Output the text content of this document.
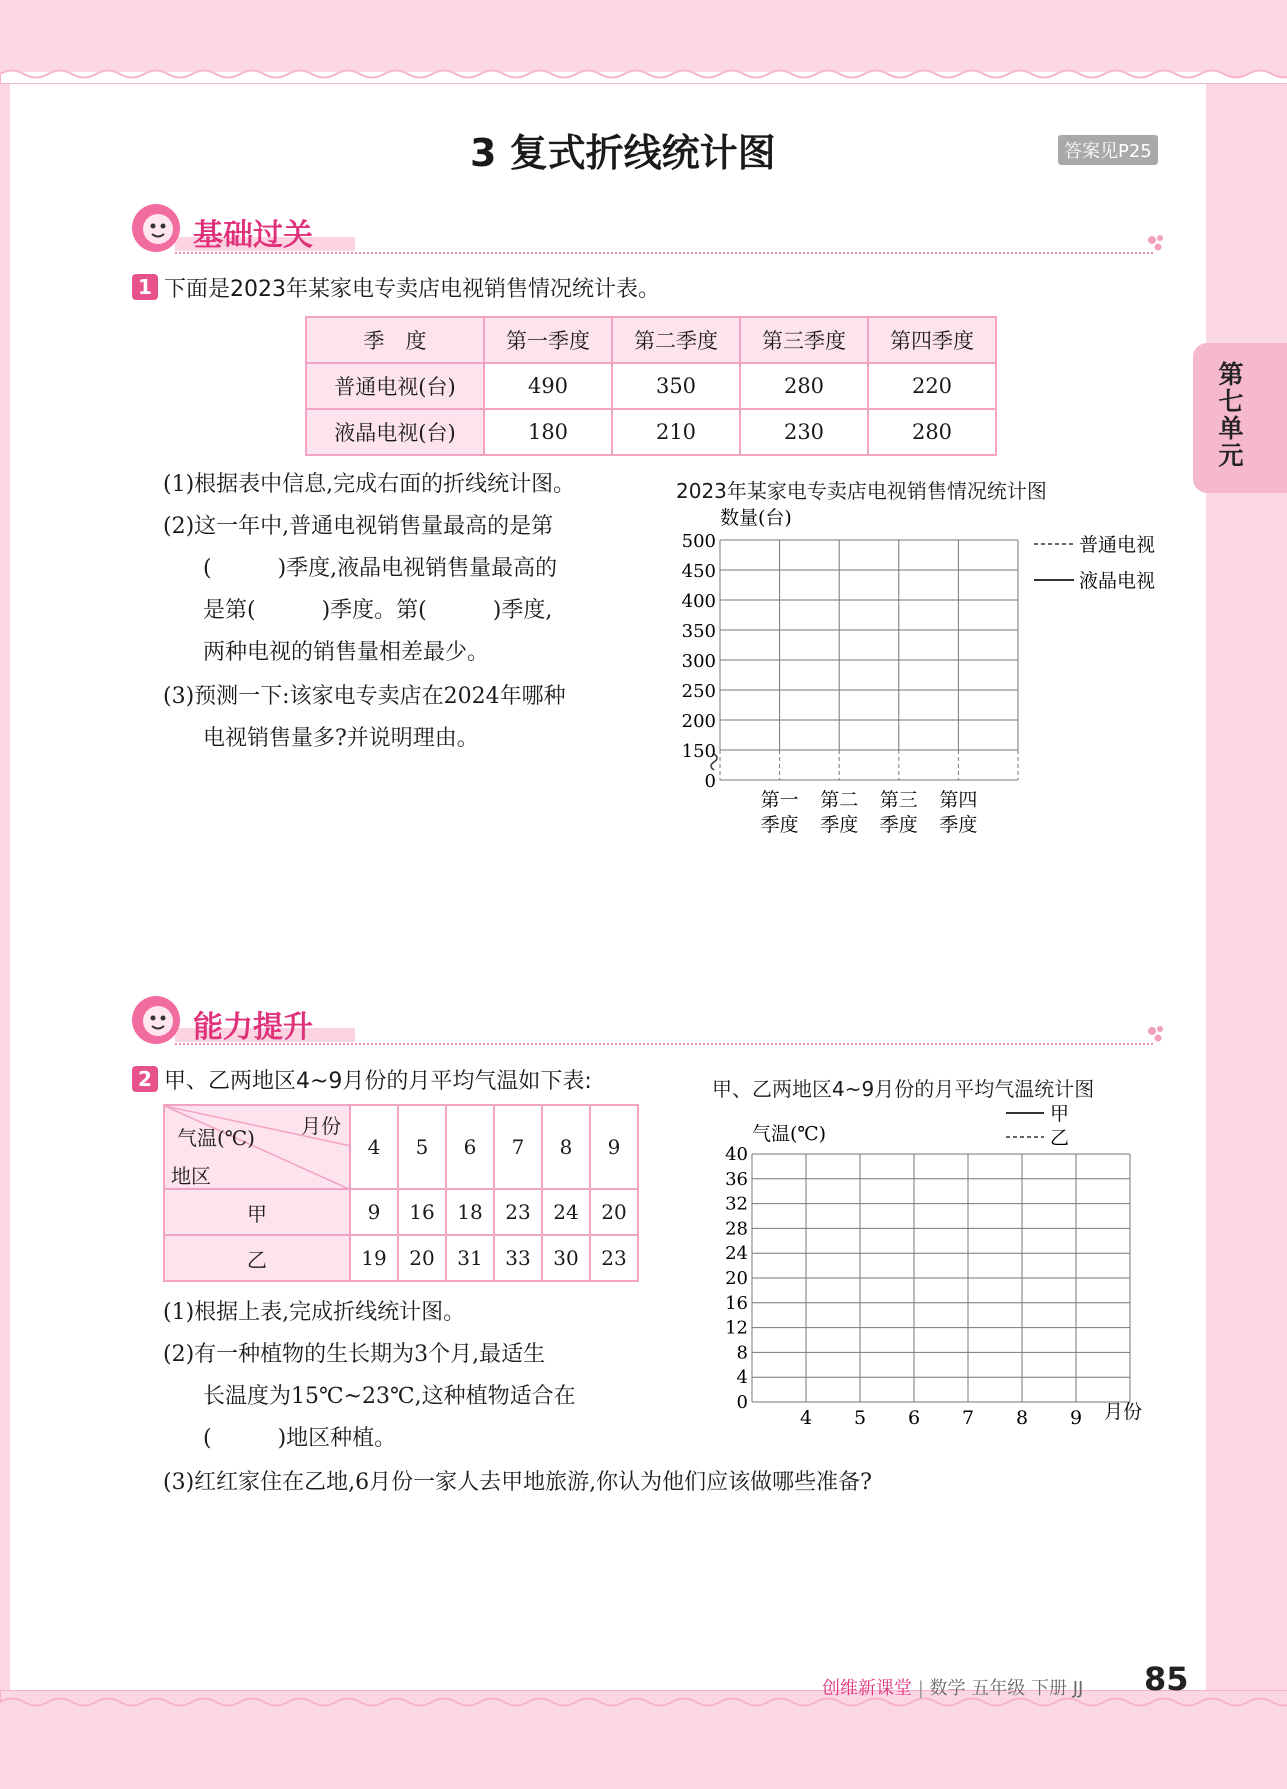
3 复式折线统计图	答案见P25
第七单元
基础过关
1 下面是2023年某家电专卖店电视销售情况统计表。
季　度	第一季度	第二季度	第三季度	第四季度
普通电视(台)	490	350	280	220
液晶电视(台)	180	210	230	280
(1)根据表中信息,完成右面的折线统计图。
(2)这一年中,普通电视销售量最高的是第
(　　　)季度,液晶电视销售量最高的
是第(　　　)季度。第(　　　)季度,
两种电视的销售量相差最少。
(3)预测一下:该家电专卖店在2024年哪种
电视销售量多?并说明理由。
2023年某家电专卖店电视销售情况统计图
数量(台)
500
450
400
350
300
250
200
150
0
第一
季度
第二
季度
第三
季度
第四
季度
普通电视
液晶电视
能力提升
2 甲、乙两地区4~9月份的月平均气温如下表:
月份
气温(℃)
地区	4	5	6	7	8	9
甲	9	16	18	23	24	20
乙	19	20	31	33	30	23
(1)根据上表,完成折线统计图。
(2)有一种植物的生长期为3个月,最适生
长温度为15℃~23℃,这种植物适合在
(　　　)地区种植。
(3)红红家住在乙地,6月份一家人去甲地旅游,你认为他们应该做哪些准备?
甲、乙两地区4~9月份的月平均气温统计图
气温(℃)
甲
乙
40
36
32
28
24
20
16
12
8
4
0
4 5 6 7 8 9 月份
创维新课堂 | 数学 五年级 下册 JJ 85
